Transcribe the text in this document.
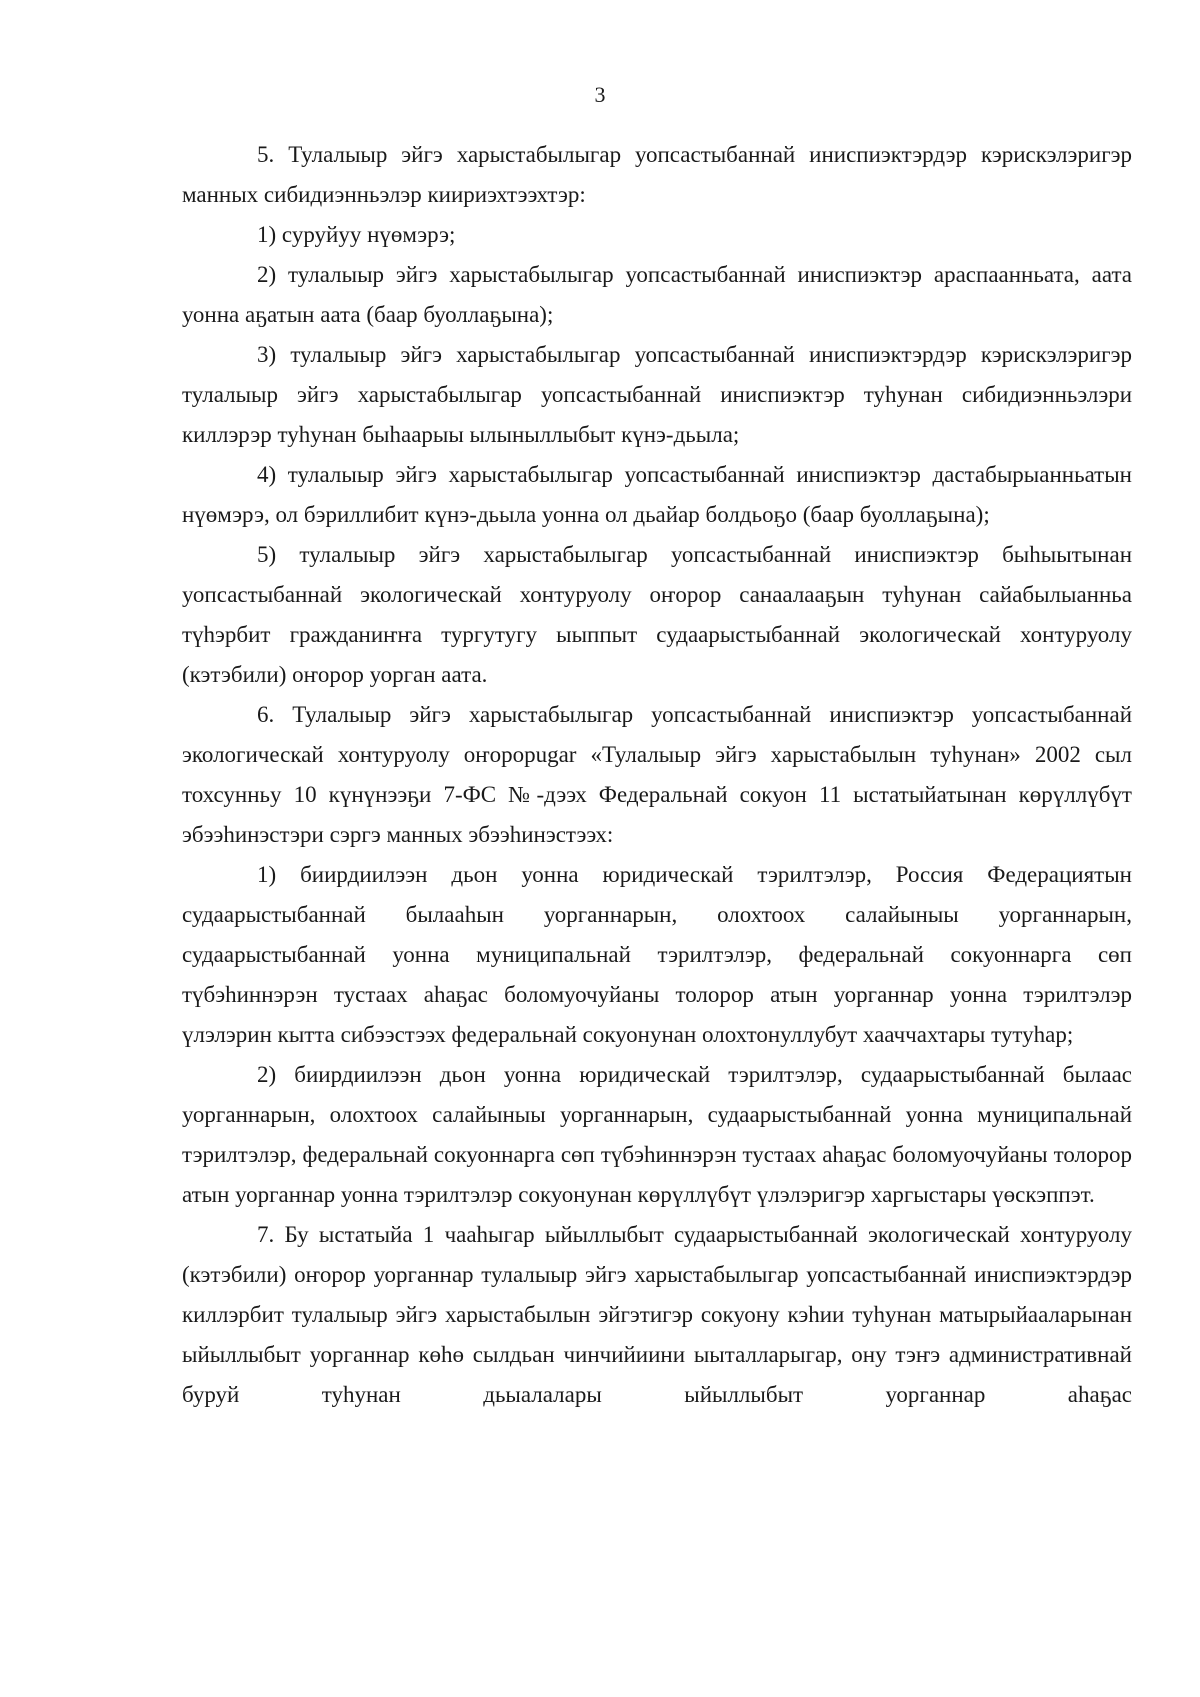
3

5. Тулалыыр эйгэ харыстабылыгар уопсастыбаннай иниспиэктэрдэр кэрискэлэригэр манных сибидиэнньэлэр киириэхтээхтэр:

1) суруйуу нүөмэрэ;

2) тулалыыр эйгэ харыстабылыгар уопсастыбаннай иниспиэктэр араспаанньата, аата уонна аҕатын аата (баар буоллаҕына);

3) тулалыыр эйгэ харыстабылыгар уопсастыбаннай иниспиэктэрдэр кэрискэлэригэр тулалыыр эйгэ харыстабылыгар уопсастыбаннай иниспиэктэр туһунан сибидиэнньэлэри киллэрэр туһунан быһаарыы ылыныллыбыт күнэ-дьыла;

4) тулалыыр эйгэ харыстабылыгар уопсастыбаннай иниспиэктэр дастабырыанньатын нүөмэрэ, ол бэриллибит күнэ-дьыла уонна ол дьайар болдьоҕо (баар буоллаҕына);

5) тулалыыр эйгэ харыстабылыгар уопсастыбаннай иниспиэктэр быһыытынан уопсастыбаннай экологическай хонтуруолу оҥорор санаалааҕын туһунан сайабылыанньа түһэрбит гражданиҥҥа тургутугу ыыппыт судаарыстыбаннай экологическай хонтуруолу (кэтэбили) оҥорор уорган аата.

6. Тулалыыр эйгэ харыстабылыгар уопсастыбаннай иниспиэктэр уопсастыбаннай экологическай хонтуруолу оҥорорugar «Тулалыыр эйгэ харыстабылын туһунан» 2002 сыл тохсунньу 10 күнүнээҕи 7-ФС №-дээх Федеральнай сокуон 11 ыстатыйатынан көрүллүбүт эбээһинэстэри сэргэ манных эбээһинэстээх:

1) биирдиилээн дьон уонна юридическай тэрилтэлэр, Россия Федерациятын судаарыстыбаннай былааһын уорганнарын, олохтоох салайыныы уорганнарын, судаарыстыбаннай уонна муниципальнай тэрилтэлэр, федеральнай сокуоннарга сөп түбэһиннэрэн тустаах аһаҕас боломуочуйаны толорор атын уорганнар уонна тэрилтэлэр үлэлэрин кытта сибээстээх федеральнай сокуонунан олохтонуллубут хааччахтары тутуһар;

2) биирдиилээн дьон уонна юридическай тэрилтэлэр, судаарыстыбаннай былаас уорганнарын, олохтоох салайыныы уорганнарын, судаарыстыбаннай уонна муниципальнай тэрилтэлэр, федеральнай сокуоннарга сөп түбэһиннэрэн тустаах аһаҕас боломуочуйаны толорор атын уорганнар уонна тэрилтэлэр сокуонунан көрүллүбүт үлэлэригэр харгыстары үөскэппэт.

7. Бу ыстатыйа 1 чааһыгар ыйыллыбыт судаарыстыбаннай экологическай хонтуруолу (кэтэбили) оҥорор уорганнар тулалыыр эйгэ харыстабылыгар уопсастыбаннай иниспиэктэрдэр киллэрбит тулалыыр эйгэ харыстабылын эйгэтигэр сокуону кэһии туһунан матырыйааларынан ыйыллыбыт уорганнар көһө сылдьан чинчийиини ыыталларыгар, ону тэҥэ административнай буруй туһунан дьыалалары ыйыллыбыт уорганнар аһаҕас
